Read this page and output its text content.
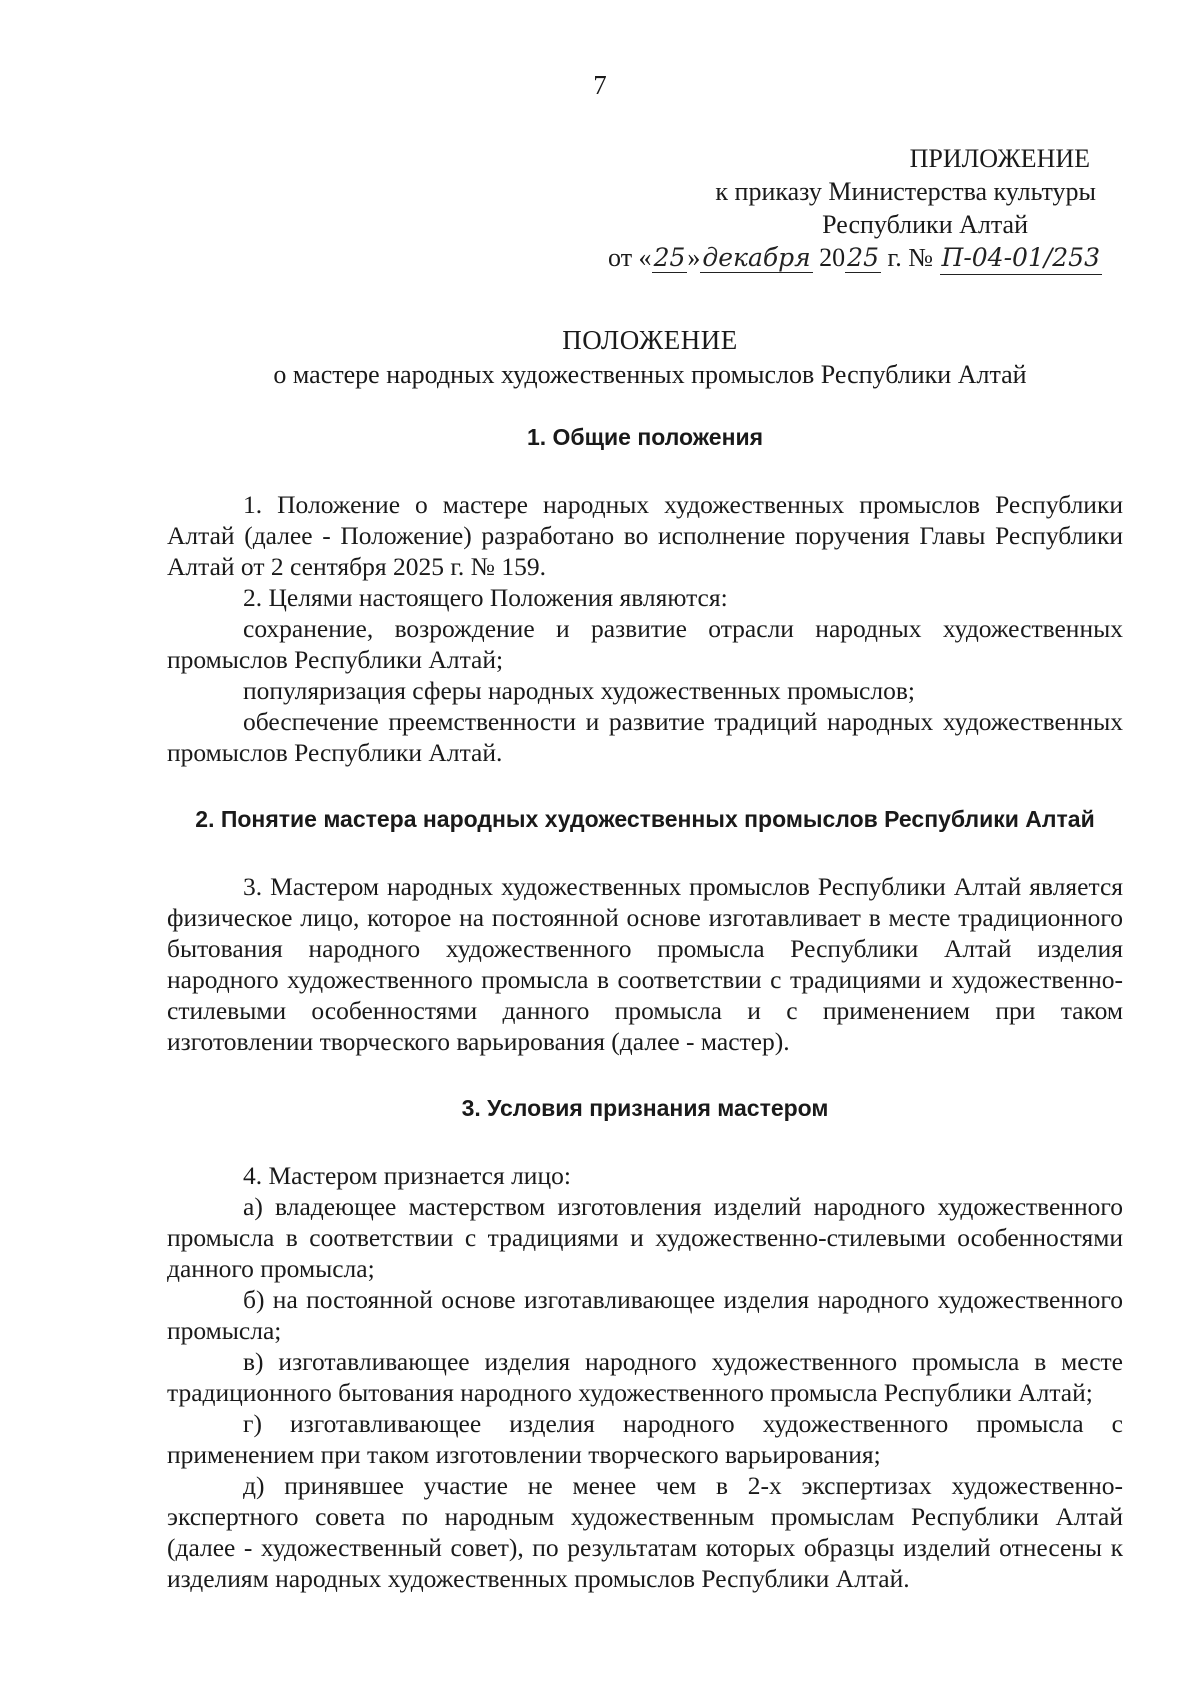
7
ПРИЛОЖЕНИЕ
к приказу Министерства культуры
Республики Алтай
от «25»декабря 2025 г. № П-04-01/253
ПОЛОЖЕНИЕ
о мастере народных художественных промыслов Республики Алтай
1. Общие положения

1. Положение о мастере народных художественных промыслов Республики Алтай (далее - Положение) разработано во исполнение поручения Главы Республики Алтай от 2 сентября 2025 г. № 159.

2. Целями настоящего Положения являются:

сохранение, возрождение и развитие отрасли народных художественных промыслов Республики Алтай;

популяризация сферы народных художественных промыслов;

обеспечение преемственности и развитие традиций народных художественных промыслов Республики Алтай.

2. Понятие мастера народных художественных промыслов Республики Алтай

3. Мастером народных художественных промыслов Республики Алтай является физическое лицо, которое на постоянной основе изготавливает в месте традиционного бытования народного художественного промысла Республики Алтай изделия народного художественного промысла в соответствии с традициями и художественно-стилевыми особенностями данного промысла и с применением при таком изготовлении творческого варьирования (далее - мастер).

3. Условия признания мастером

4. Мастером признается лицо:

а) владеющее мастерством изготовления изделий народного художественного промысла в соответствии с традициями и художественно-стилевыми особенностями данного промысла;

б) на постоянной основе изготавливающее изделия народного художественного промысла;

в) изготавливающее изделия народного художественного промысла в месте традиционного бытования народного художественного промысла Республики Алтай;

г) изготавливающее изделия народного художественного промысла с применением при таком изготовлении творческого варьирования;

д) принявшее участие не менее чем в 2-х экспертизах художественно-экспертного совета по народным художественным промыслам Республики Алтай (далее - художественный совет), по результатам которых образцы изделий отнесены к изделиям народных художественных промыслов Республики Алтай.
